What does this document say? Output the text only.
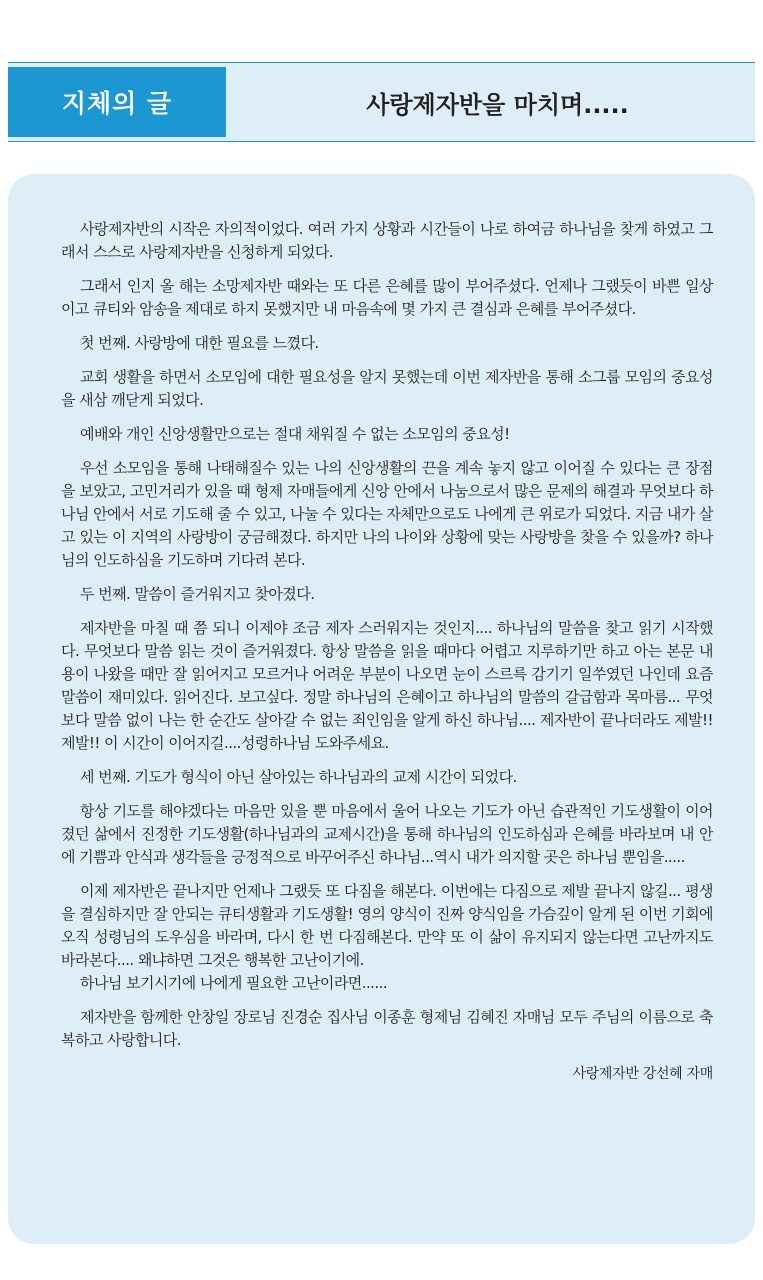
지체의 글	사랑제자반을 마치며.....

사랑제자반의 시작은 자의적이었다. 여러 가지 상황과 시간들이 나로 하여금 하나님을 찾게 하였고 그래서 스스로 사랑제자반을 신청하게 되었다.

그래서 인지 올 해는 소망제자반 때와는 또 다른 은혜를 많이 부어주셨다. 언제나 그랬듯이 바쁜 일상이고 큐티와 암송을 제대로 하지 못했지만 내 마음속에 몇 가지 큰 결심과 은혜를 부어주셨다.

첫 번째. 사랑방에 대한 필요를 느꼈다.

교회 생활을 하면서 소모임에 대한 필요성을 알지 못했는데 이번 제자반을 통해 소그룹 모임의 중요성을 새삼 깨닫게 되었다.

예배와 개인 신앙생활만으로는 절대 채워질 수 없는 소모임의 중요성!

우선 소모임을 통해 나태해질수 있는 나의 신앙생활의 끈을 계속 놓지 않고 이어질 수 있다는 큰 장점을 보았고, 고민거리가 있을 때 형제 자매들에게 신앙 안에서 나눔으로서 많은 문제의 해결과 무엇보다 하나님 안에서 서로 기도해 줄 수 있고, 나눌 수 있다는 자체만으로도 나에게 큰 위로가 되었다. 지금 내가 살고 있는 이 지역의 사랑방이 궁금해졌다. 하지만 나의 나이와 상황에 맞는 사랑방을 찾을 수 있을까? 하나님의 인도하심을 기도하며 기다려 본다.

두 번째. 말씀이 즐거워지고 찾아졌다.

제자반을 마칠 때 쯤 되니 이제야 조금 제자 스러워지는 것인지.... 하나님의 말씀을 찾고 읽기 시작했다. 무엇보다 말씀 읽는 것이 즐거워졌다. 항상 말씀을 읽을 때마다 어렵고 지루하기만 하고 아는 본문 내용이 나왔을 때만 잘 읽어지고 모르거나 어려운 부분이 나오면 눈이 스르륵 감기기 일쑤였던 나인데 요즘 말씀이 재미있다. 읽어진다. 보고싶다. 정말 하나님의 은혜이고 하나님의 말씀의 갈급함과 목마름... 무엇보다 말씀 없이 나는 한 순간도 살아갈 수 없는 죄인임을 알게 하신 하나님.... 제자반이 끝나더라도 제발!! 제발!! 이 시간이 이어지길....성령하나님 도와주세요.

세 번째. 기도가 형식이 아닌 살아있는 하나님과의 교제 시간이 되었다.

항상 기도를 해야겠다는 마음만 있을 뿐 마음에서 울어 나오는 기도가 아닌 습관적인 기도생활이 이어졌던 삶에서 진정한 기도생활(하나님과의 교제시간)을 통해 하나님의 인도하심과 은혜를 바라보며 내 안에 기쁨과 안식과 생각들을 긍정적으로 바꾸어주신 하나님...역시 내가 의지할 곳은 하나님 뿐임을.....

이제 제자반은 끝나지만 언제나 그랬듯 또 다짐을 해본다. 이번에는 다짐으로 제발 끝나지 않길... 평생을 결심하지만 잘 안되는 큐티생활과 기도생활! 영의 양식이 진짜 양식임을 가슴깊이 알게 된 이번 기회에 오직 성령님의 도우심을 바라며, 다시 한 번 다짐해본다. 만약 또 이 삶이 유지되지 않는다면 고난까지도 바라본다.... 왜냐하면 그것은 행복한 고난이기에.

하나님 보기시기에 나에게 필요한 고난이라면......

제자반을 함께한 안창일 장로님 진경순 집사님 이종훈 형제님 김혜진 자매님 모두 주님의 이름으로 축복하고 사랑합니다.

사랑제자반 강선혜 자매
